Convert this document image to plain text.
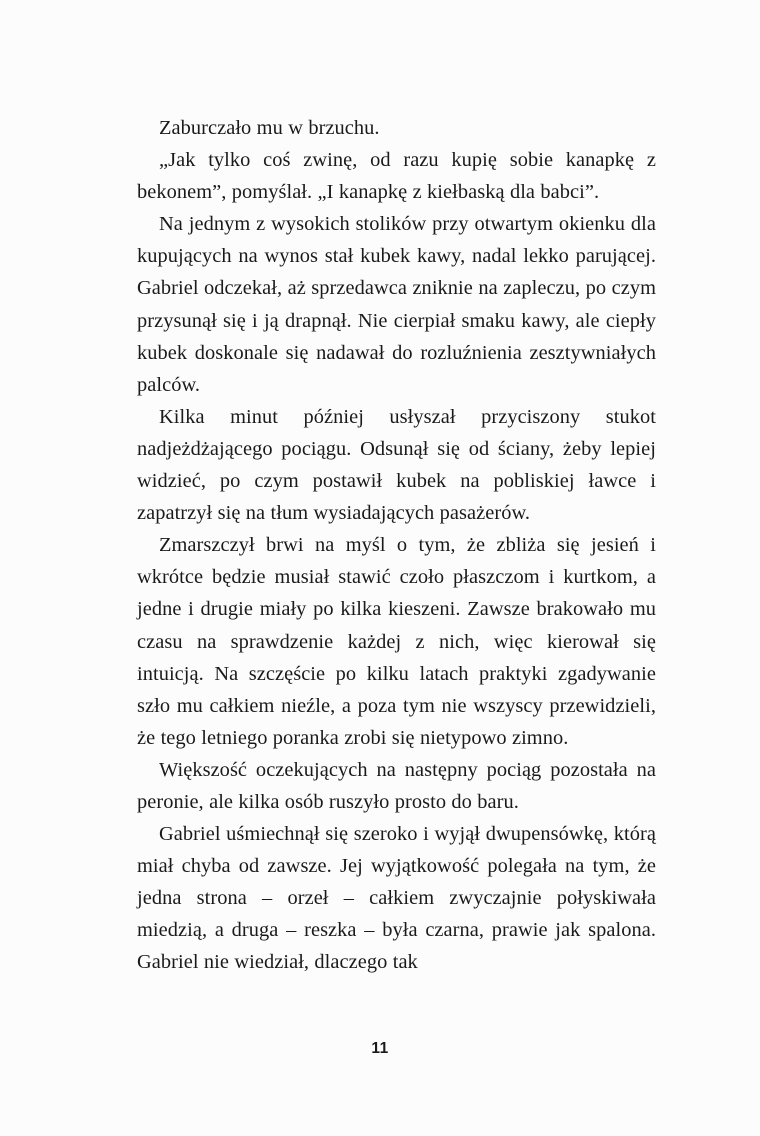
Zaburczało mu w brzuchu.

„Jak tylko coś zwinę, od razu kupię sobie kanapkę z bekonem”, pomyślał. „I kanapkę z kiełbaską dla babci”.

Na jednym z wysokich stolików przy otwartym okienku dla kupujących na wynos stał kubek kawy, nadal lekko parującej. Gabriel odczekał, aż sprzedawca zniknie na zapleczu, po czym przysunął się i ją drapnął. Nie cierpiał smaku kawy, ale ciepły kubek doskonale się nadawał do rozluźnienia zesztywniałych palców.

Kilka minut później usłyszał przyciszony stukot nadjeżdżającego pociągu. Odsunął się od ściany, żeby lepiej widzieć, po czym postawił kubek na pobliskiej ławce i zapatrzył się na tłum wysiadających pasażerów.

Zmarszczył brwi na myśl o tym, że zbliża się jesień i wkrótce będzie musiał stawić czoło płaszczom i kurtkom, a jedne i drugie miały po kilka kieszeni. Zawsze brakowało mu czasu na sprawdzenie każdej z nich, więc kierował się intuicją. Na szczęście po kilku latach praktyki zgadywanie szło mu całkiem nieźle, a poza tym nie wszyscy przewidzieli, że tego letniego poranka zrobi się nietypowo zimno.

Większość oczekujących na następny pociąg pozostała na peronie, ale kilka osób ruszyło prosto do baru.

Gabriel uśmiechnął się szeroko i wyjął dwupensówkę, którą miał chyba od zawsze. Jej wyjątkowość polegała na tym, że jedna strona – orzeł – całkiem zwyczajnie połyskiwała miedzią, a druga – reszka – była czarna, prawie jak spalona. Gabriel nie wiedział, dlaczego tak

11
